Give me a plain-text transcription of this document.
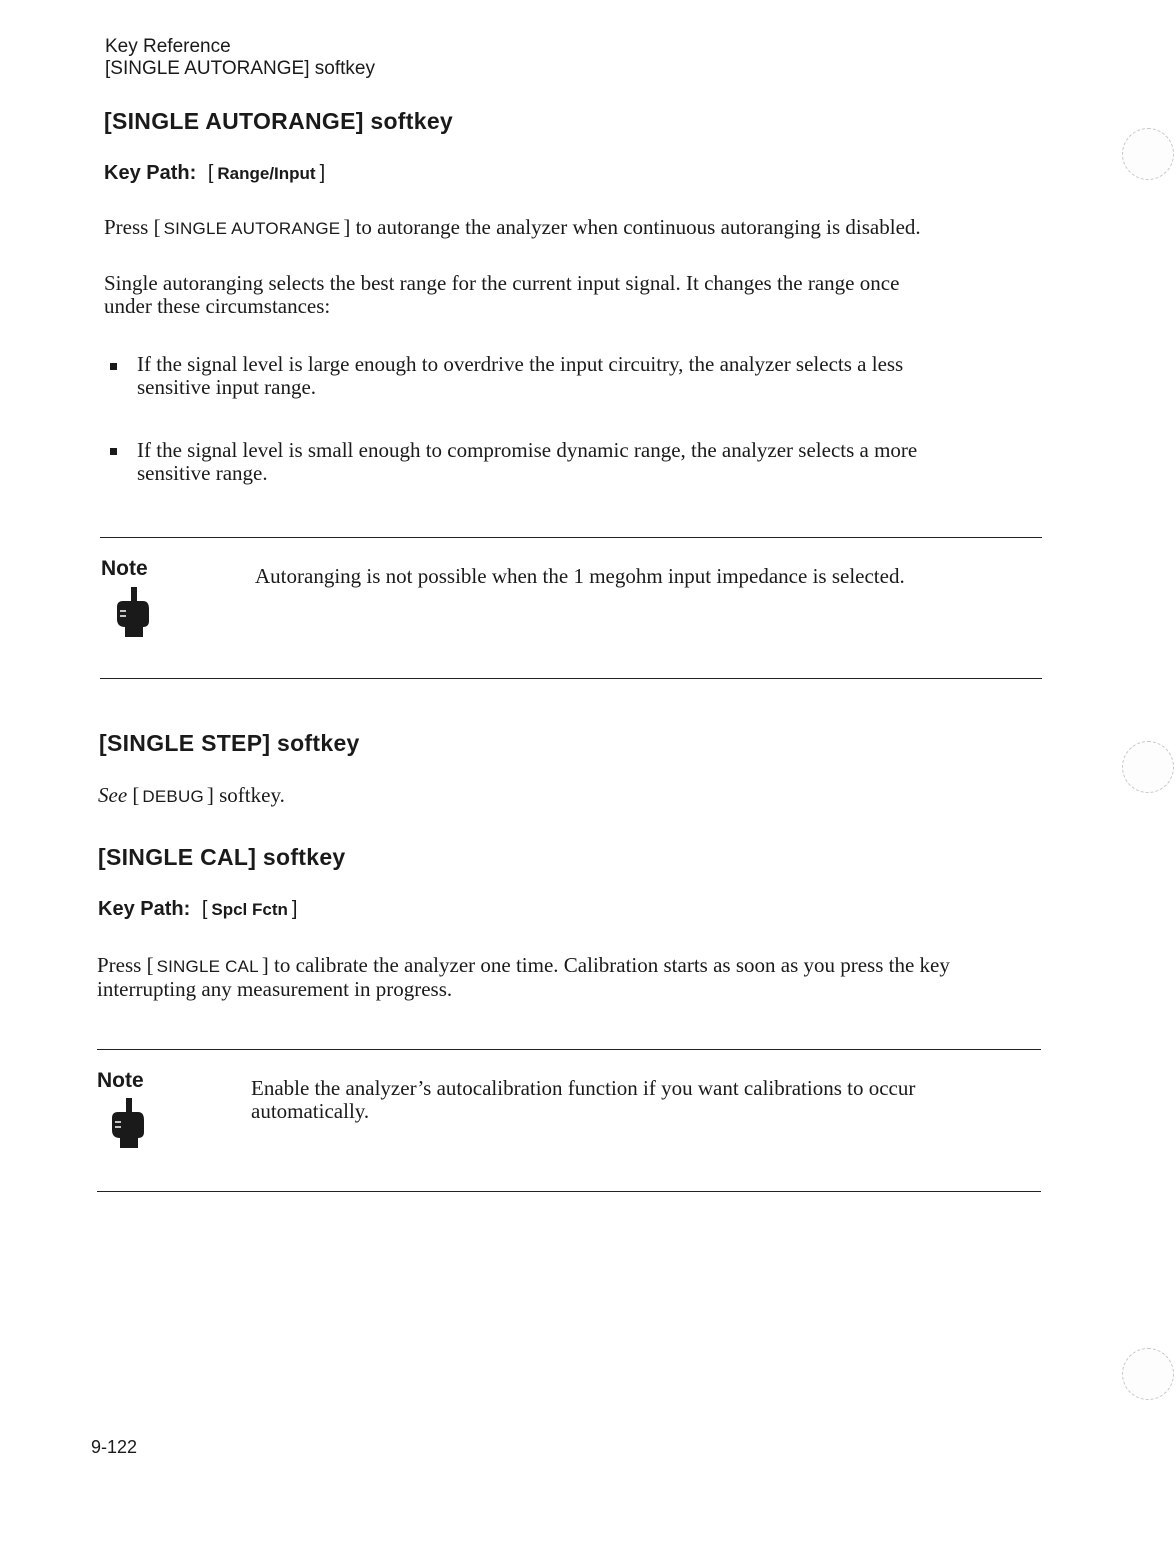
Key Reference
[SINGLE AUTORANGE] softkey
[SINGLE AUTORANGE] softkey
Key Path: [ Range/Input ]
Press [ SINGLE AUTORANGE ] to autorange the analyzer when continuous autoranging is disabled.
Single autoranging selects the best range for the current input signal. It changes the range once
under these circumstances:
If the signal level is large enough to overdrive the input circuitry, the analyzer selects a less
sensitive input range.
If the signal level is small enough to compromise dynamic range, the analyzer selects a more
sensitive range.
Note	Autoranging is not possible when the 1 megohm input impedance is selected.
[SINGLE STEP] softkey
See [ DEBUG ] softkey.
[SINGLE CAL] softkey
Key Path: [ Spcl Fctn ]
Press [ SINGLE CAL ] to calibrate the analyzer one time. Calibration starts as soon as you press the key
interrupting any measurement in progress.
Note	Enable the analyzer’s autocalibration function if you want calibrations to occur
automatically.
9-122
